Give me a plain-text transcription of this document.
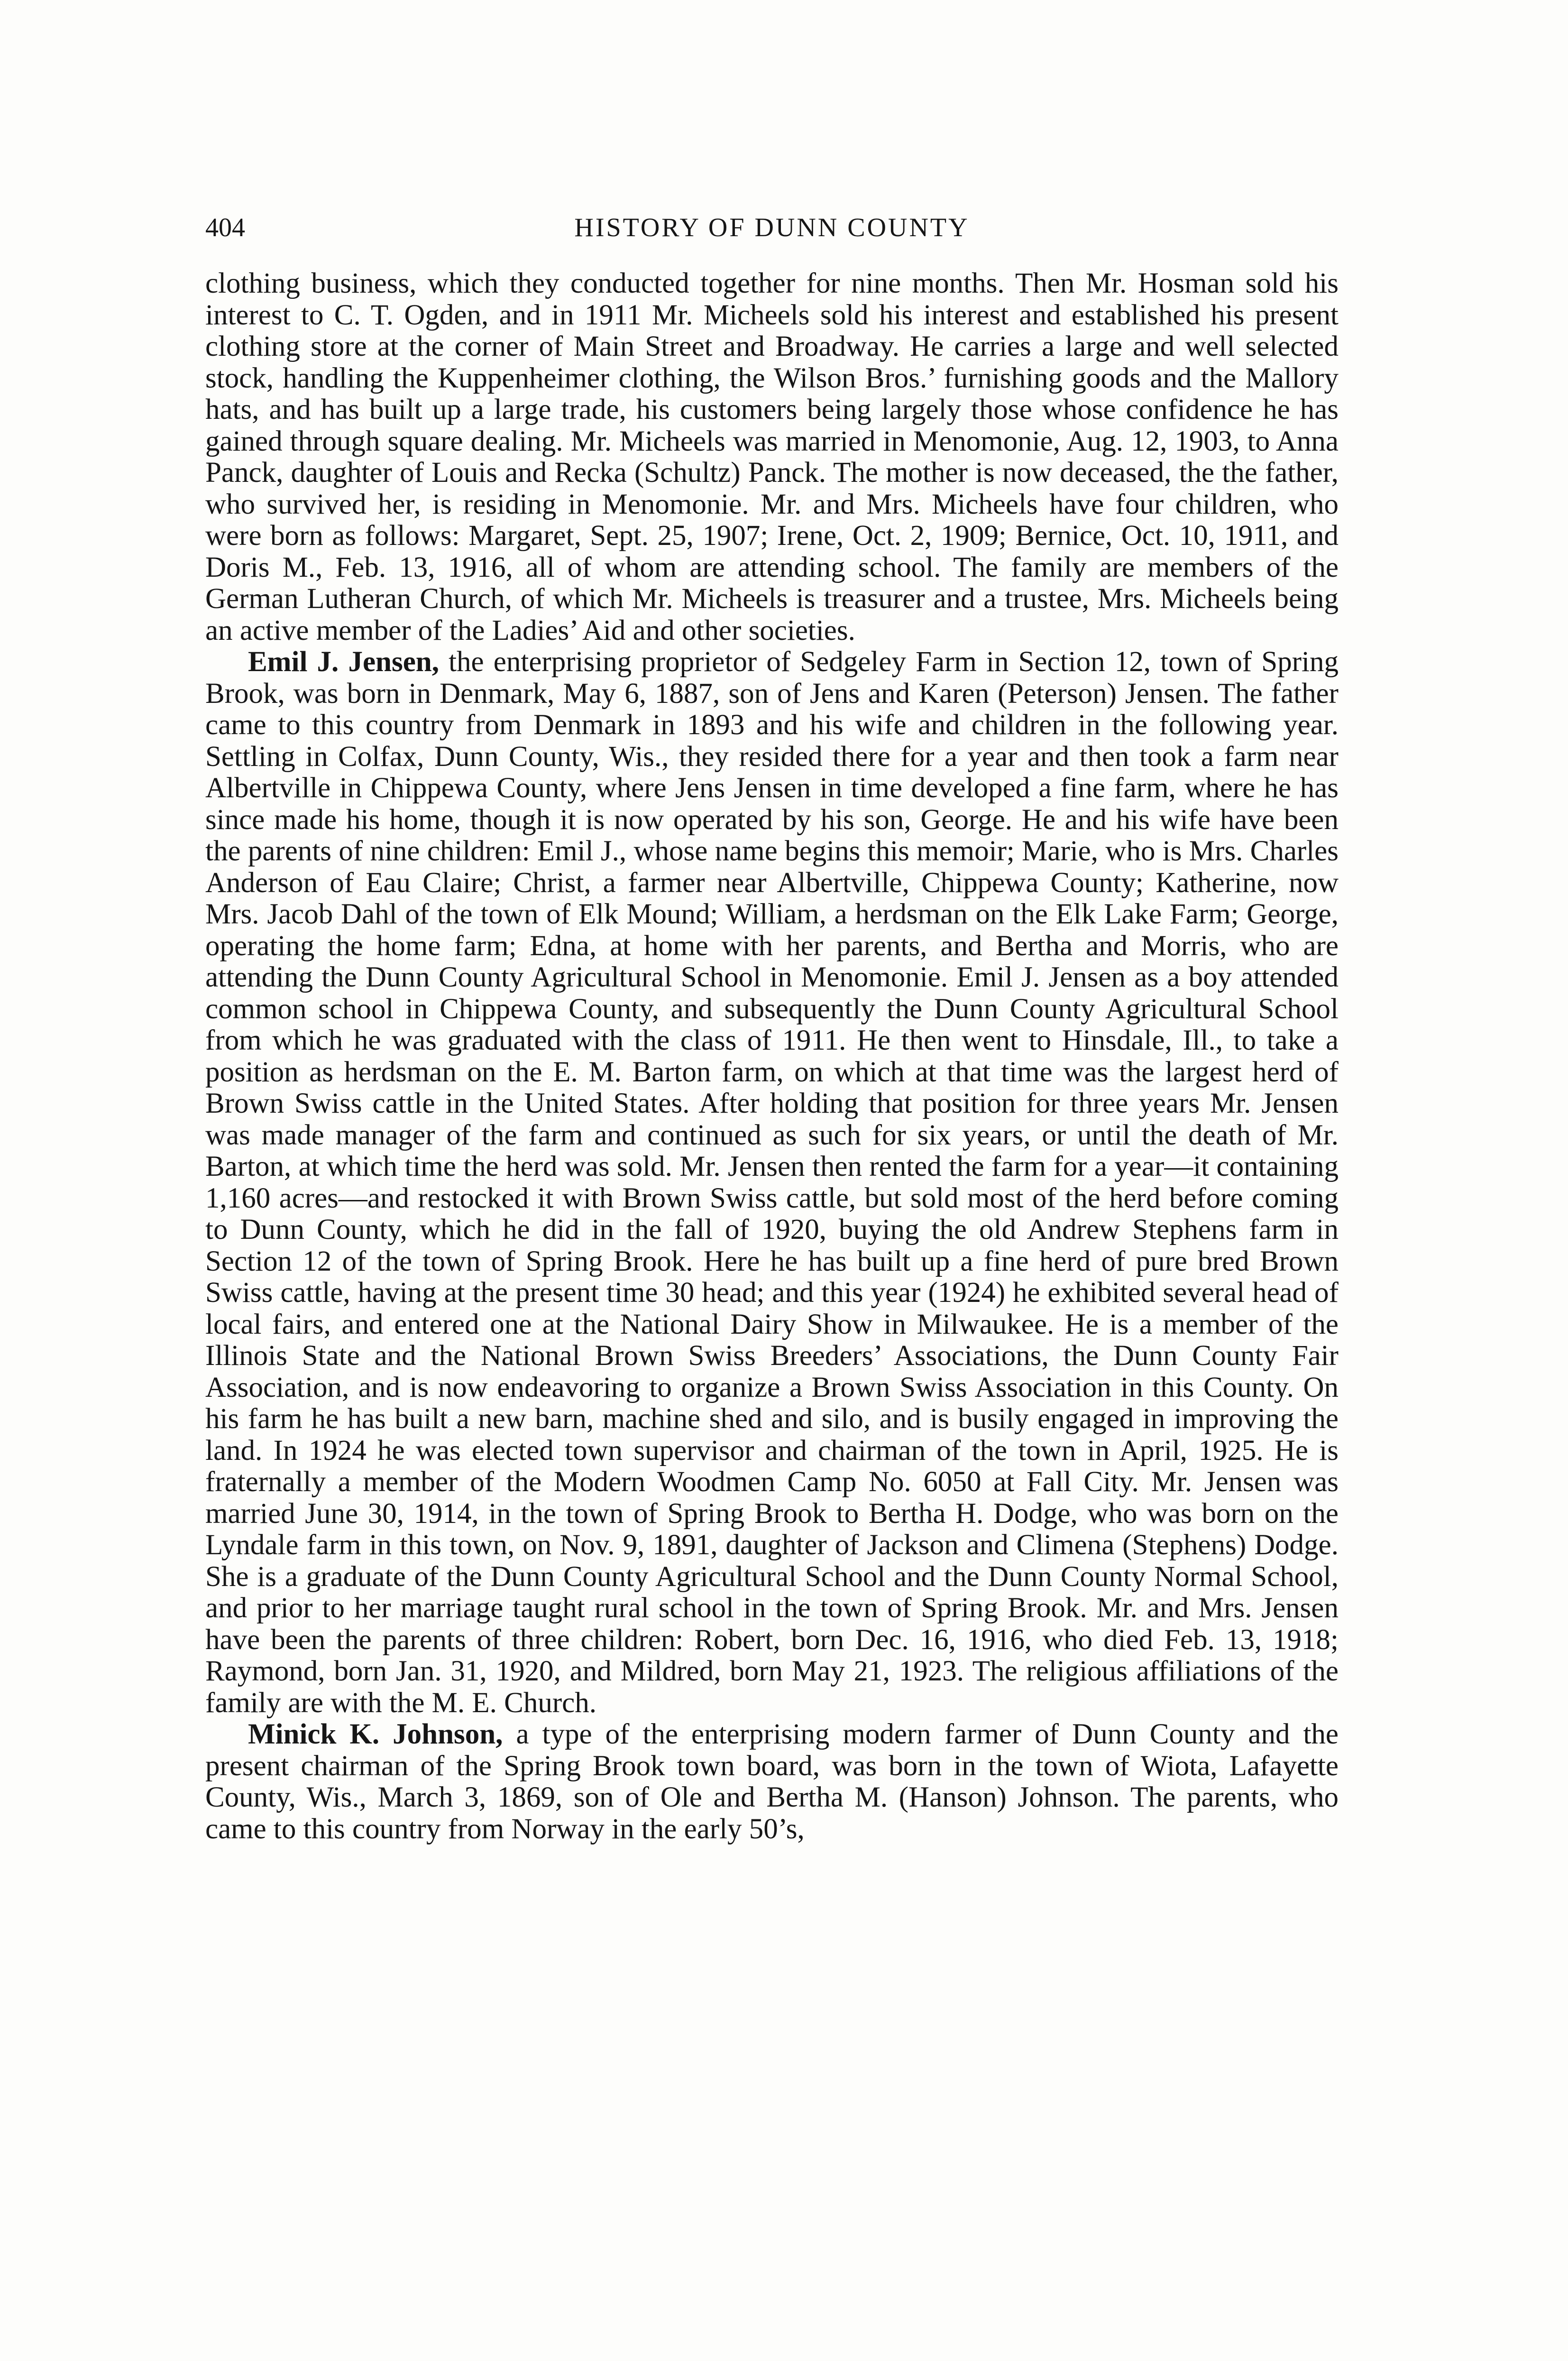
404	HISTORY OF DUNN COUNTY

clothing business, which they conducted together for nine months. Then Mr. Hosman sold his interest to C. T. Ogden, and in 1911 Mr. Micheels sold his interest and established his present clothing store at the corner of Main Street and Broadway. He carries a large and well selected stock, handling the Kuppenheimer clothing, the Wilson Bros.’ furnishing goods and the Mallory hats, and has built up a large trade, his customers being largely those whose confidence he has gained through square dealing. Mr. Micheels was married in Menomonie, Aug. 12, 1903, to Anna Panck, daughter of Louis and Recka (Schultz) Panck. The mother is now deceased, the the father, who survived her, is residing in Menomonie. Mr. and Mrs. Micheels have four children, who were born as follows: Margaret, Sept. 25, 1907; Irene, Oct. 2, 1909; Bernice, Oct. 10, 1911, and Doris M., Feb. 13, 1916, all of whom are attending school. The family are members of the German Lutheran Church, of which Mr. Micheels is treasurer and a trustee, Mrs. Micheels being an active member of the Ladies’ Aid and other societies.

Emil J. Jensen, the enterprising proprietor of Sedgeley Farm in Section 12, town of Spring Brook, was born in Denmark, May 6, 1887, son of Jens and Karen (Peterson) Jensen. The father came to this country from Denmark in 1893 and his wife and children in the following year. Settling in Colfax, Dunn County, Wis., they resided there for a year and then took a farm near Albertville in Chippewa County, where Jens Jensen in time developed a fine farm, where he has since made his home, though it is now operated by his son, George. He and his wife have been the parents of nine children: Emil J., whose name begins this memoir; Marie, who is Mrs. Charles Anderson of Eau Claire; Christ, a farmer near Albertville, Chippewa County; Katherine, now Mrs. Jacob Dahl of the town of Elk Mound; William, a herdsman on the Elk Lake Farm; George, operating the home farm; Edna, at home with her parents, and Bertha and Morris, who are attending the Dunn County Agricultural School in Menomonie. Emil J. Jensen as a boy attended common school in Chippewa County, and subsequently the Dunn County Agricultural School from which he was graduated with the class of 1911. He then went to Hinsdale, Ill., to take a position as herdsman on the E. M. Barton farm, on which at that time was the largest herd of Brown Swiss cattle in the United States. After holding that position for three years Mr. Jensen was made manager of the farm and continued as such for six years, or until the death of Mr. Barton, at which time the herd was sold. Mr. Jensen then rented the farm for a year—it containing 1,160 acres—and restocked it with Brown Swiss cattle, but sold most of the herd before coming to Dunn County, which he did in the fall of 1920, buying the old Andrew Stephens farm in Section 12 of the town of Spring Brook. Here he has built up a fine herd of pure bred Brown Swiss cattle, having at the present time 30 head; and this year (1924) he exhibited several head of local fairs, and entered one at the National Dairy Show in Milwaukee. He is a member of the Illinois State and the National Brown Swiss Breeders’ Associations, the Dunn County Fair Association, and is now endeavoring to organize a Brown Swiss Association in this County. On his farm he has built a new barn, machine shed and silo, and is busily engaged in improving the land. In 1924 he was elected town supervisor and chairman of the town in April, 1925. He is fraternally a member of the Modern Woodmen Camp No. 6050 at Fall City. Mr. Jensen was married June 30, 1914, in the town of Spring Brook to Bertha H. Dodge, who was born on the Lyndale farm in this town, on Nov. 9, 1891, daughter of Jackson and Climena (Stephens) Dodge. She is a graduate of the Dunn County Agricultural School and the Dunn County Normal School, and prior to her marriage taught rural school in the town of Spring Brook. Mr. and Mrs. Jensen have been the parents of three children: Robert, born Dec. 16, 1916, who died Feb. 13, 1918; Raymond, born Jan. 31, 1920, and Mildred, born May 21, 1923. The religious affiliations of the family are with the M. E. Church.

Minick K. Johnson, a type of the enterprising modern farmer of Dunn County and the present chairman of the Spring Brook town board, was born in the town of Wiota, Lafayette County, Wis., March 3, 1869, son of Ole and Bertha M. (Hanson) Johnson. The parents, who came to this country from Norway in the early 50’s,
